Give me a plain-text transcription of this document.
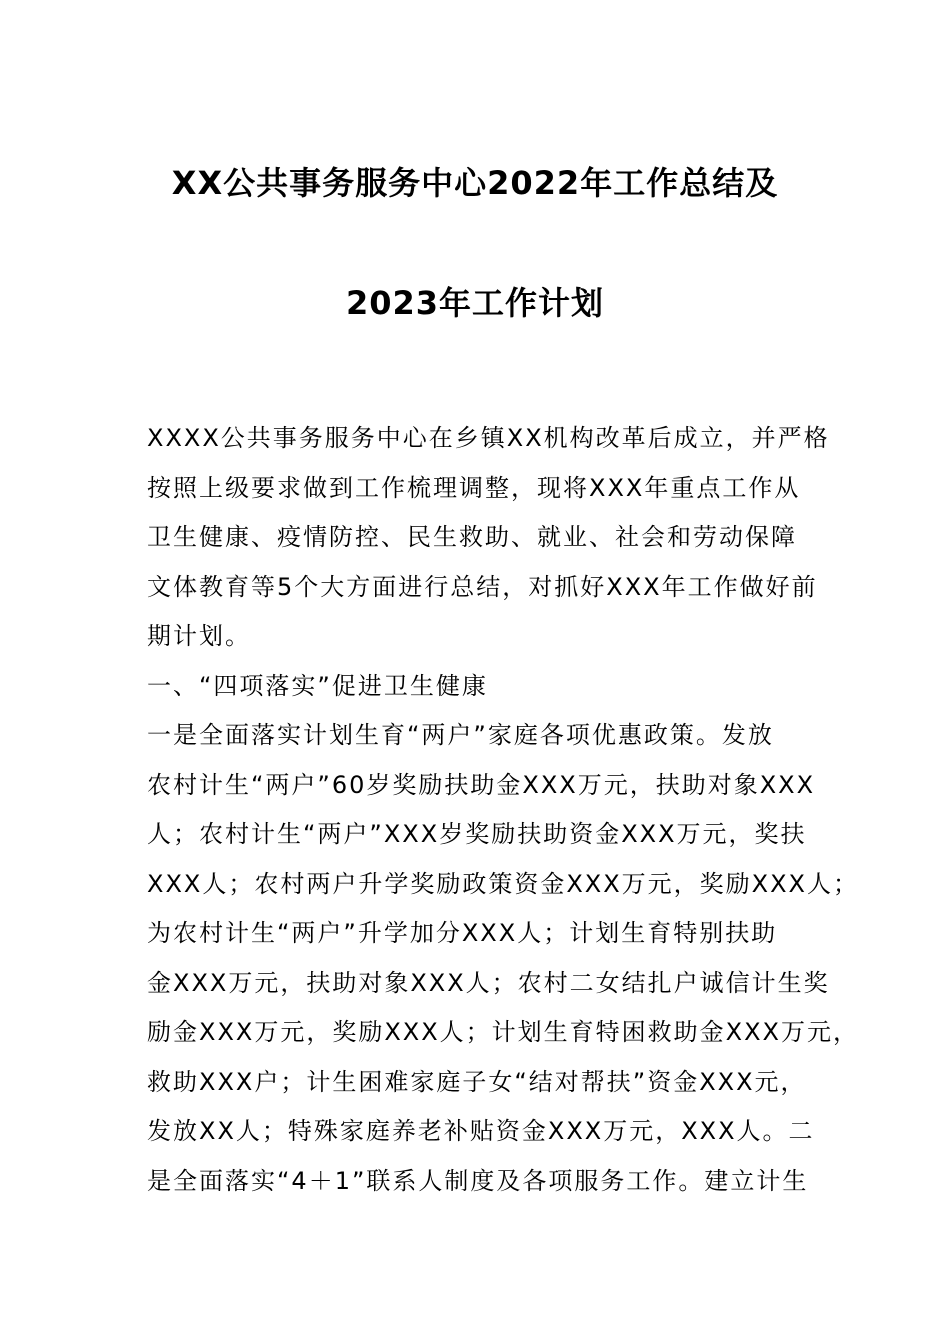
XX公共事务服务中心2022年工作总结及
2023年工作计划
XXXX公共事务服务中心在乡镇XX机构改革后成立，并严格
按照上级要求做到工作梳理调整，现将XXX年重点工作从
卫生健康、疫情防控、民生救助、就业、社会和劳动保障
文体教育等5个大方面进行总结，对抓好XXX年工作做好前
期计划。
一、“四项落实”促进卫生健康
一是全面落实计划生育“两户”家庭各项优惠政策。发放
农村计生“两户”60岁奖励扶助金XXX万元，扶助对象XXX
人；农村计生“两户”XXX岁奖励扶助资金XXX万元，奖扶
XXX人；农村两户升学奖励政策资金XXX万元，奖励XXX人；
为农村计生“两户”升学加分XXX人；计划生育特别扶助
金XXX万元，扶助对象XXX人；农村二女结扎户诚信计生奖
励金XXX万元，奖励XXX人；计划生育特困救助金XXX万元，
救助XXX户；计生困难家庭子女“结对帮扶”资金XXX元，
发放XX人；特殊家庭养老补贴资金XXX万元，XXX人。二
是全面落实“4＋1”联系人制度及各项服务工作。建立计生
